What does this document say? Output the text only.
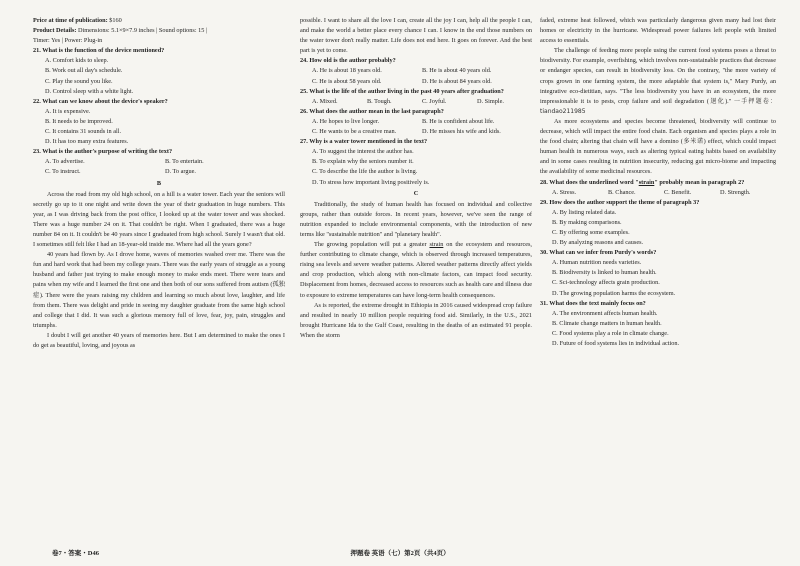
Price at time of publication: $160
Product Details: Dimensions: 5.1×9×7.9 inches | Sound options: 15 |
Timer: Yes | Power: Plug-in
21. What is the function of the device mentioned?
A. Comfort kids to sleep.
B. Work out all day's schedule.
C. Play the sound you like.
D. Control sleep with a white light.
22. What can we know about the device's speaker?
A. It is expensive.
B. It needs to be improved.
C. It contains 31 sounds in all.
D. It has too many extra features.
23. What is the author's purpose of writing the text?
A. To advertise.	B. To entertain.
C. To instruct.	D. To argue.
B

Across the road from my old high school, on a hill is a water tower. Each year the seniors will secretly go up to it one night and write down the year of their graduation in huge numbers. This year, as I was driving back from the post office, I looked up at the water tower and was shocked. There was a huge number 24 on it. That couldn't be right. When I graduated, there was a huge number 84 on it. It couldn't be 40 years since I graduated from high school. Surely I wasn't that old. I sometimes still felt like I had an 18-year-old inside me. Where had all the years gone?

40 years had flown by. As I drove home, waves of memories washed over me. There was the fun and hard work that had been my college years. There was the early years of struggle as a young husband and father just trying to make enough money to make ends meet. There were tears and pains when my wife and I learned the first one and then both of our sons suffered from autism (孤独症). There were the years raising my children and learning so much about love, laughter, and life from them. There was delight and pride in seeing my daughter graduate from the same high school and college that I did. It was such a glorious memory full of love, fear, joy, pain, struggles and triumphs.

I doubt I will get another 40 years of memories here. But I am determined to make the ones I do get as beautiful, loving, and joyous as

possible. I want to share all the love I can, create all the joy I can, help all the people I can, and make the world a better place every chance I can. I know in the end those numbers on the water tower don't really matter. Life does not end here. It goes on forever. And the best part is yet to come.

24. How old is the author probably?
A. He is about 18 years old.	B. He is about 40 years old.
C. He is about 58 years old.	D. He is about 84 years old.
25. What is the life of the author living in the past 40 years after graduation?
A. Mixed.	B. Tough.	C. Joyful.	D. Simple.
26. What does the author mean in the last paragraph?
A. He hopes to live longer.	B. He is confident about life.
C. He wants to be a creative man.	D. He misses his wife and kids.
27. Why is a water tower mentioned in the text?
A. To suggest the interest the author has.
B. To explain why the seniors number it.
C. To describe the life the author is living.
D. To stress how important living positively is.
C

Traditionally, the study of human health has focused on individual and collective groups, rather than outside forces. In recent years, however, we've seen the range of nutrition expanded to include environmental components, with the introduction of new terms like "sustainable nutrition" and "planetary health".

The growing population will put a greater strain on the ecosystem and resources, further contributing to climate change, which is observed through increased temperatures, rising sea levels and severe weather patterns. Altered weather patterns directly affect yields and crop production, which along with non-climate factors, can impact food security. Displacement from homes, decreased access to resources such as health care and illness due to exposure to extreme temperatures can have long-term health consequences.

As is reported, the extreme drought in Ethiopia in 2016 caused widespread crop failure and resulted in nearly 10 million people requiring food aid. Similarly, in the U.S., 2021 brought Hurricane Ida to the Gulf Coast, resulting in the deaths of an estimated 91 people. When the storm

faded, extreme heat followed, which was particularly dangerous given many had lost their homes or electricity in the hurricane. Widespread power failures left people with limited access to essentials.

The challenge of feeding more people using the current food systems poses a threat to biodiversity. For example, overfishing, which involves non-sustainable practices that decrease or endanger species, can result in biodiversity loss. On the contrary, "the more variety of crops grown in one farming system, the more adaptable that system is," Mary Purdy, an integrative eco-dietitian, says. "The less biodiversity you have in an ecosystem, the more impressionable it is to pests, crop failure and soil degradation (退化)." 一手押题卷：tiandao211985

As more ecosystems and species become threatened, biodiversity will continue to decrease, which will impact the entire food chain. Each organism and species plays a role in the food chain; altering that chain will have a domino (多米诺) effect, which could impact human health in numerous ways, such as altering typical eating habits based on availability and in some cases resulting in nutrition insecurity, reducing gut micro-biome and impacting the availability of some medicinal resources.

28. What does the underlined word "strain" probably mean in paragraph 2?
A. Stress.	B. Chance.	C. Benefit.	D. Strength.
29. How does the author support the theme of paragraph 3?
A. By listing related data.
B. By making comparisons.
C. By offering some examples.
D. By analyzing reasons and causes.
30. What can we infer from Purdy's words?
A. Human nutrition needs varieties.
B. Biodiversity is linked to human health.
C. Sci-technology affects grain production.
D. The growing population harms the ecosystem.
31. What does the text mainly focus on?
A. The environment affects human health.
B. Climate change matters in human health.
C. Food systems play a role in climate change.
D. Future of food systems lies in individual action.
卷7・答案・D46	押题卷 英语（七）第2页（共4页）
